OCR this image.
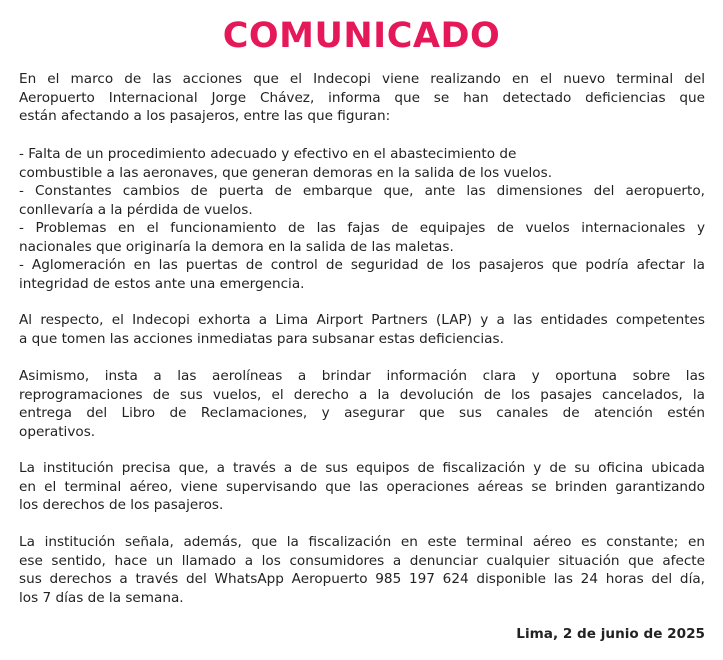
COMUNICADO

En el marco de las acciones que el Indecopi viene realizando en el nuevo terminal del
Aeropuerto Internacional Jorge Chávez, informa que se han detectado deficiencias que
están afectando a los pasajeros, entre las que figuran:

- Falta de un procedimiento adecuado y efectivo en el abastecimiento de
combustible a las aeronaves, que generan demoras en la salida de los vuelos.
- Constantes cambios de puerta de embarque que, ante las dimensiones del aeropuerto,
conllevaría a la pérdida de vuelos.
- Problemas en el funcionamiento de las fajas de equipajes de vuelos internacionales y
nacionales que originaría la demora en la salida de las maletas.
- Aglomeración en las puertas de control de seguridad de los pasajeros que podría afectar la
integridad de estos ante una emergencia.

Al respecto, el Indecopi exhorta a Lima Airport Partners (LAP) y a las entidades competentes
a que tomen las acciones inmediatas para subsanar estas deficiencias.

Asimismo, insta a las aerolíneas a brindar información clara y oportuna sobre las
reprogramaciones de sus vuelos, el derecho a la devolución de los pasajes cancelados, la
entrega del Libro de Reclamaciones, y asegurar que sus canales de atención estén
operativos.

La institución precisa que, a través a de sus equipos de fiscalización y de su oficina ubicada
en el terminal aéreo, viene supervisando que las operaciones aéreas se brinden garantizando
los derechos de los pasajeros.

La institución señala, además, que la fiscalización en este terminal aéreo es constante; en
ese sentido, hace un llamado a los consumidores a denunciar cualquier situación que afecte
sus derechos a través del WhatsApp Aeropuerto 985 197 624 disponible las 24 horas del día,
los 7 días de la semana.

Lima, 2 de junio de 2025
